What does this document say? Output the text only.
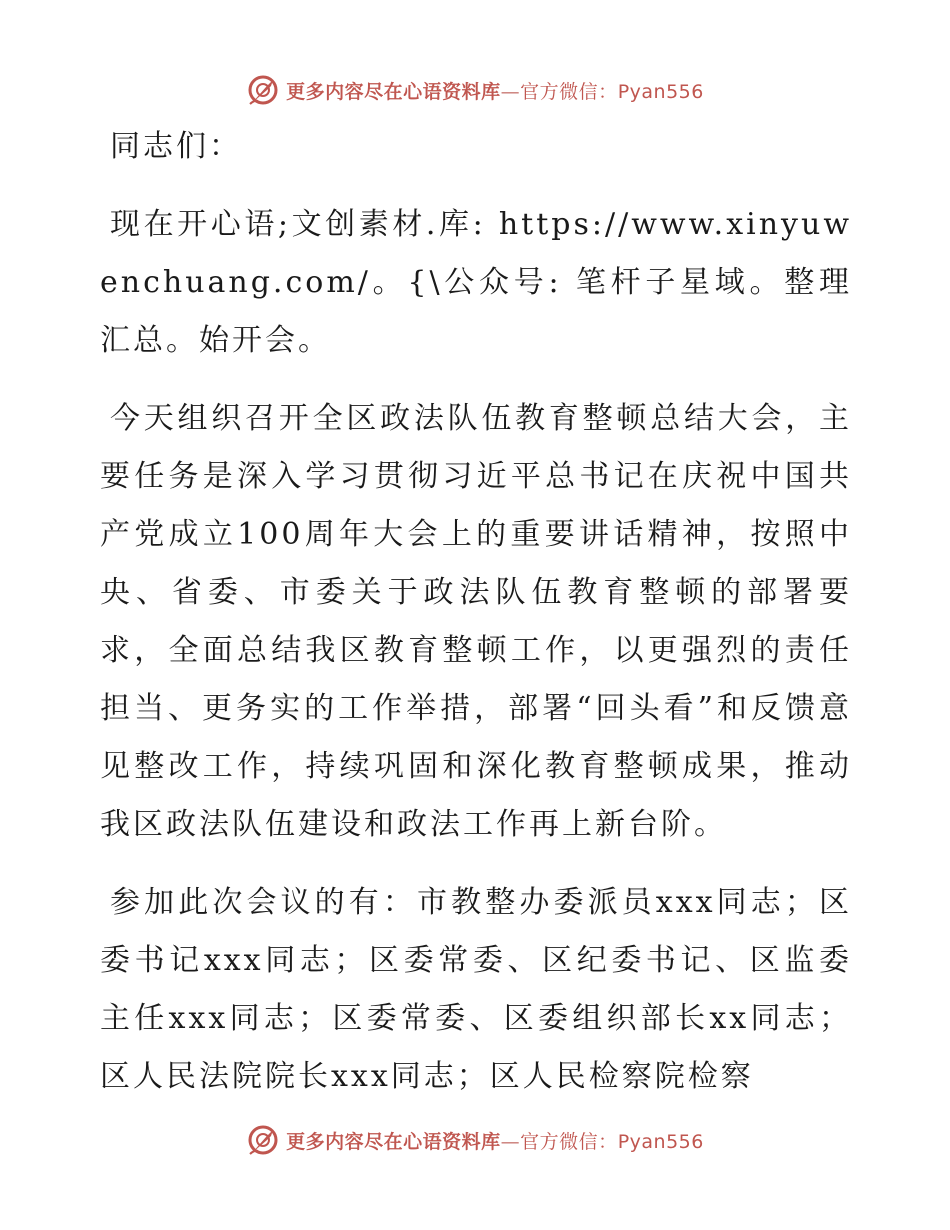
更多内容尽在心语资料库—官方微信：Pyan556

同志们：

现在开心语;文创素材.库: https://www.xinyuwenchuang.com/。{\公众号: 笔杆子星域。整理汇总。始开会。

今天组织召开全区政法队伍教育整顿总结大会，主要任务是深入学习贯彻习近平总书记在庆祝中国共产党成立100周年大会上的重要讲话精神，按照中央、省委、市委关于政法队伍教育整顿的部署要求，全面总结我区教育整顿工作，以更强烈的责任担当、更务实的工作举措，部署“回头看”和反馈意见整改工作，持续巩固和深化教育整顿成果，推动我区政法队伍建设和政法工作再上新台阶。

参加此次会议的有：市教整办委派员xxx同志；区委书记xxx同志；区委常委、区纪委书记、区监委主任xxx同志；区委常委、区委组织部长xx同志；区人民法院院长xxx同志；区人民检察院检察

更多内容尽在心语资料库—官方微信：Pyan556
